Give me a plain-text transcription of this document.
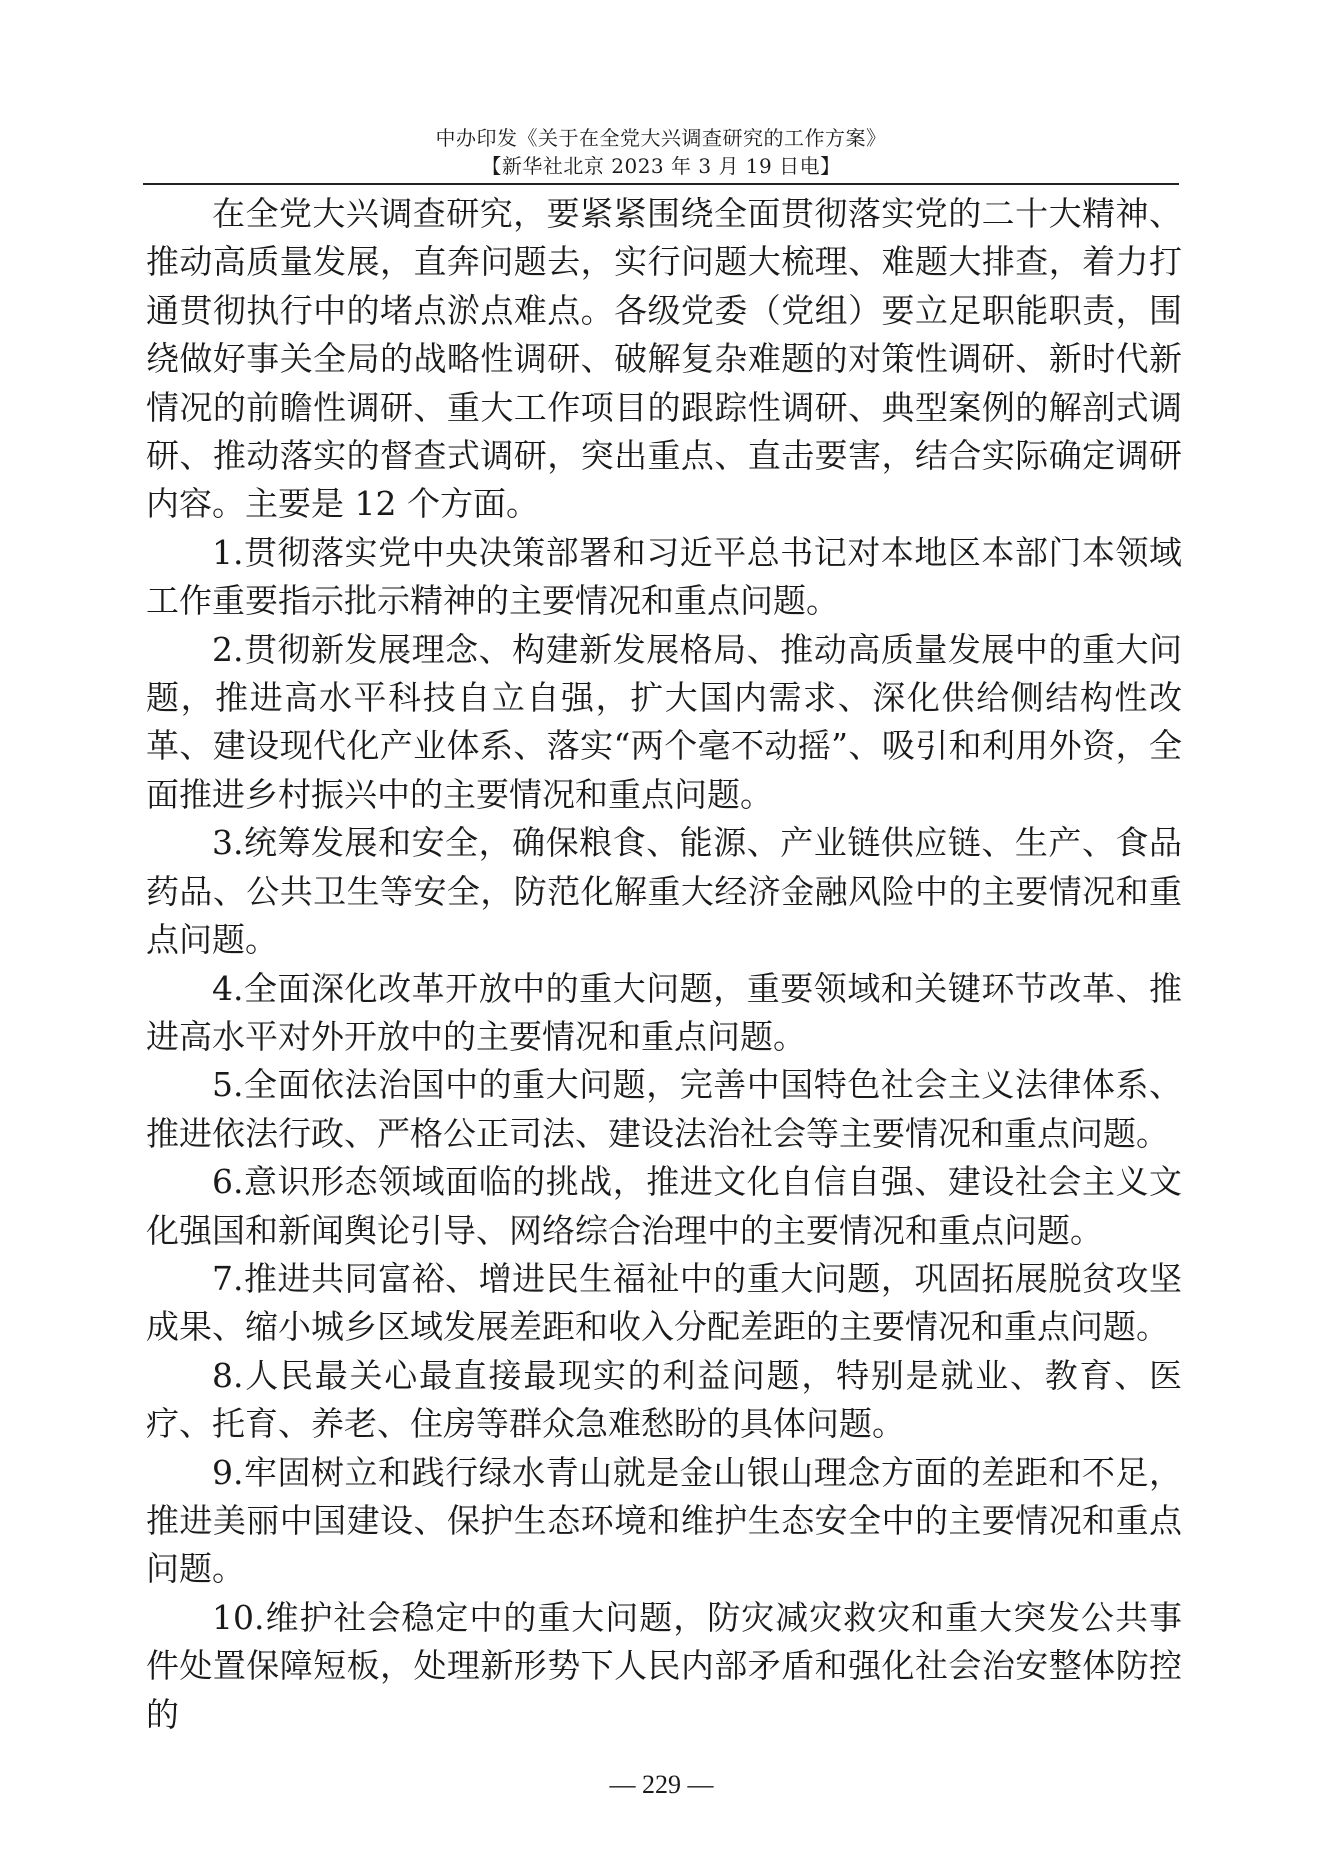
中办印发《关于在全党大兴调查研究的工作方案》
【新华社北京 2023 年 3 月 19 日电】

在全党大兴调查研究，要紧紧围绕全面贯彻落实党的二十大精神、推动高质量发展，直奔问题去，实行问题大梳理、难题大排查，着力打通贯彻执行中的堵点淤点难点。各级党委（党组）要立足职能职责，围绕做好事关全局的战略性调研、破解复杂难题的对策性调研、新时代新情况的前瞻性调研、重大工作项目的跟踪性调研、典型案例的解剖式调研、推动落实的督查式调研，突出重点、直击要害，结合实际确定调研内容。主要是 12 个方面。

1.贯彻落实党中央决策部署和习近平总书记对本地区本部门本领域工作重要指示批示精神的主要情况和重点问题。

2.贯彻新发展理念、构建新发展格局、推动高质量发展中的重大问题，推进高水平科技自立自强，扩大国内需求、深化供给侧结构性改革、建设现代化产业体系、落实“两个毫不动摇”、吸引和利用外资，全面推进乡村振兴中的主要情况和重点问题。

3.统筹发展和安全，确保粮食、能源、产业链供应链、生产、食品药品、公共卫生等安全，防范化解重大经济金融风险中的主要情况和重点问题。

4.全面深化改革开放中的重大问题，重要领域和关键环节改革、推进高水平对外开放中的主要情况和重点问题。

5.全面依法治国中的重大问题，完善中国特色社会主义法律体系、推进依法行政、严格公正司法、建设法治社会等主要情况和重点问题。

6.意识形态领域面临的挑战，推进文化自信自强、建设社会主义文化强国和新闻舆论引导、网络综合治理中的主要情况和重点问题。

7.推进共同富裕、增进民生福祉中的重大问题，巩固拓展脱贫攻坚成果、缩小城乡区域发展差距和收入分配差距的主要情况和重点问题。

8.人民最关心最直接最现实的利益问题，特别是就业、教育、医疗、托育、养老、住房等群众急难愁盼的具体问题。

9.牢固树立和践行绿水青山就是金山银山理念方面的差距和不足，推进美丽中国建设、保护生态环境和维护生态安全中的主要情况和重点问题。

10.维护社会稳定中的重大问题，防灾减灾救灾和重大突发公共事件处置保障短板，处理新形势下人民内部矛盾和强化社会治安整体防控的

— 229 —
